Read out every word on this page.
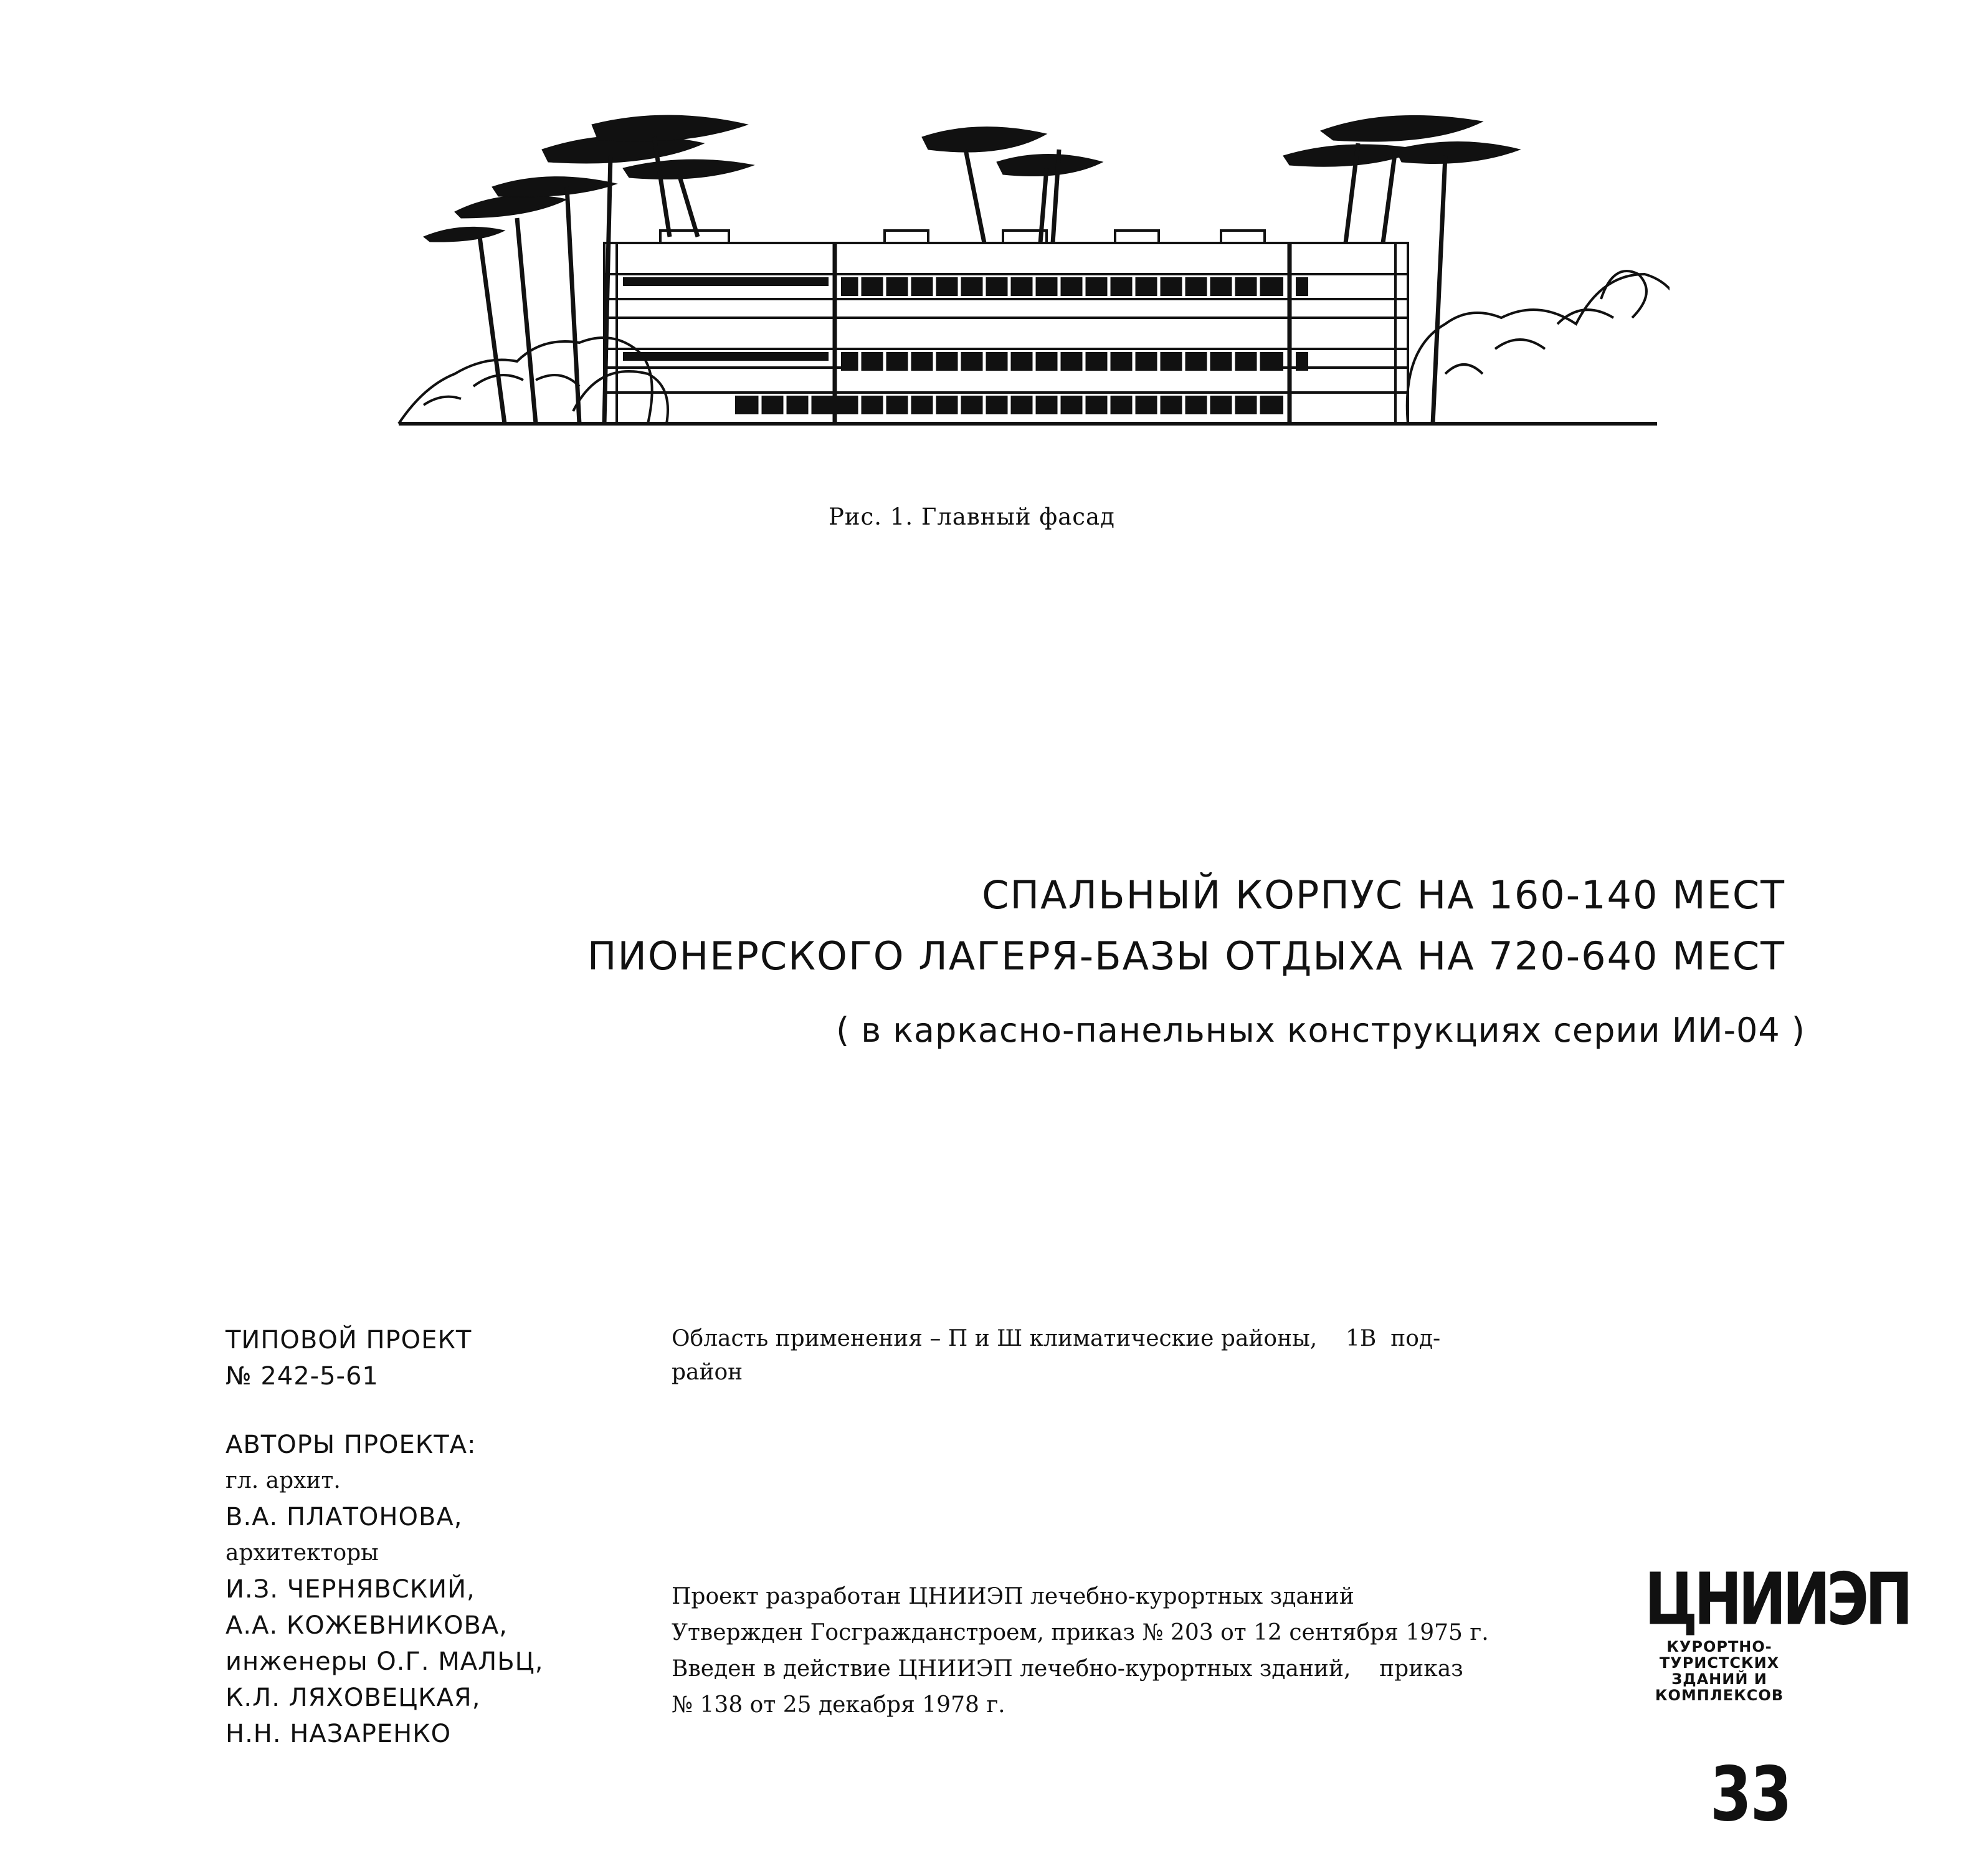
Рис. 1. Главный фасад
СПАЛЬНЫЙ КОРПУС НА 160-140 МЕСТ
ПИОНЕРСКОГО ЛАГЕРЯ-БАЗЫ ОТДЫХА НА 720-640 МЕСТ
( в каркасно-панельных конструкциях серии ИИ-04 )
ТИПОВОЙ ПРОЕКТ
№ 242-5-61
АВТОРЫ ПРОЕКТА:
гл. архит.
В.А. ПЛАТОНОВА,
архитекторы
И.З. ЧЕРНЯВСКИЙ,
А.А. КОЖЕВНИКОВА,
инженеры О.Г. МАЛЬЦ,
К.Л. ЛЯХОВЕЦКАЯ,
Н.Н. НАЗАРЕНКО
Область применения – П и Ш климатические районы,    1В  под-
район
Проект разработан ЦНИИЭП лечебно-курортных зданий
Утвержден Госгражданстроем, приказ № 203 от 12 сентября 1975 г.
Введен в действие ЦНИИЭП лечебно-курортных зданий,    приказ
№ 138 от 25 декабря 1978 г.
ЦНИИЭП
КУРОРТНО-
ТУРИСТСКИХ
ЗДАНИЙ И
КОМПЛЕКСОВ
33
